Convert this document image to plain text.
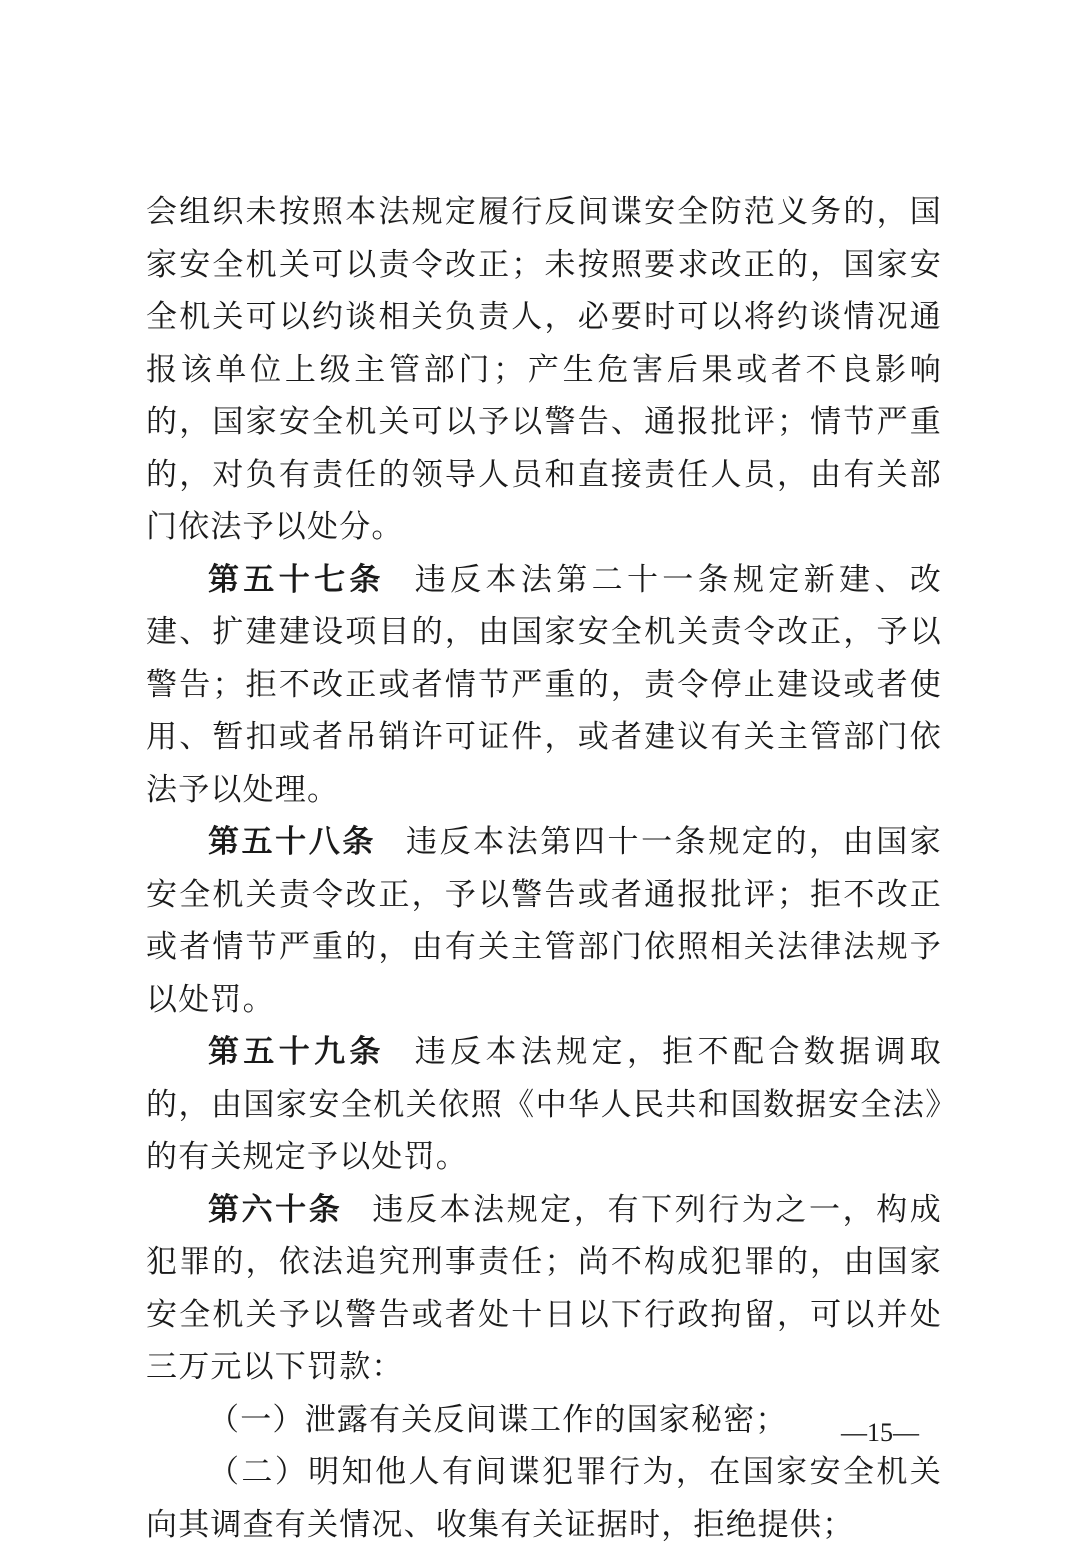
会组织未按照本法规定履行反间谍安全防范义务的，国家安全机关可以责令改正；未按照要求改正的，国家安全机关可以约谈相关负责人，必要时可以将约谈情况通报该单位上级主管部门；产生危害后果或者不良影响的，国家安全机关可以予以警告、通报批评；情节严重的，对负有责任的领导人员和直接责任人员，由有关部门依法予以处分。

第五十七条 违反本法第二十一条规定新建、改建、扩建建设项目的，由国家安全机关责令改正，予以警告；拒不改正或者情节严重的，责令停止建设或者使用、暂扣或者吊销许可证件，或者建议有关主管部门依法予以处理。

第五十八条 违反本法第四十一条规定的，由国家安全机关责令改正，予以警告或者通报批评；拒不改正或者情节严重的，由有关主管部门依照相关法律法规予以处罚。

第五十九条 违反本法规定，拒不配合数据调取的，由国家安全机关依照《中华人民共和国数据安全法》的有关规定予以处罚。

第六十条 违反本法规定，有下列行为之一，构成犯罪的，依法追究刑事责任；尚不构成犯罪的，由国家安全机关予以警告或者处十日以下行政拘留，可以并处三万元以下罚款：

（一）泄露有关反间谍工作的国家秘密；

（二）明知他人有间谍犯罪行为，在国家安全机关向其调查有关情况、收集有关证据时，拒绝提供；

—15—
